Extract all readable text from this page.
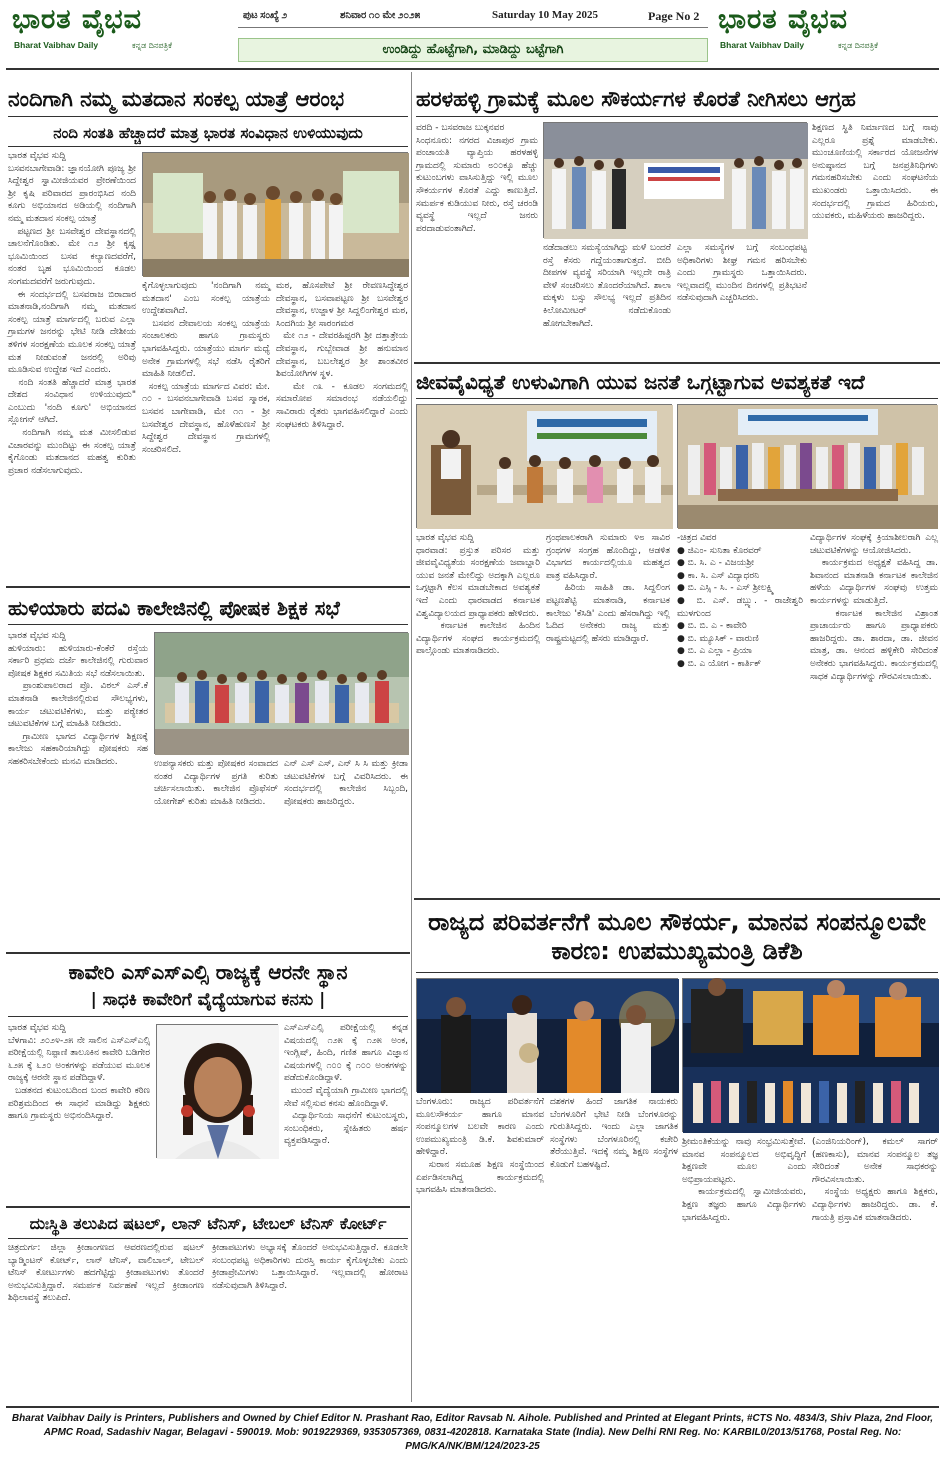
ಭಾರತ ವೈಭವ
Bharat Vaibhav Daily	ಕನ್ನಡ ದಿನಪತ್ರಿಕೆ
ಭಾರತ ವೈಭವ
Bharat Vaibhav Daily	ಕನ್ನಡ ದಿನಪತ್ರಿಕೆ
ಪುಟ ಸಂಖ್ಯೆ ೨	ಶನಿವಾರ ೧೦ ಮೇ ೨೦೨೫	Saturday 10 May 2025	Page No 2
ಉಂಡಿದ್ದು ಹೊಟ್ಟೆಗಾಗಿ, ಮಾಡಿದ್ದು ಬಟ್ಟೆಗಾಗಿ
ನಂದಿಗಾಗಿ ನಮ್ಮ ಮತದಾನ ಸಂಕಲ್ಪ ಯಾತ್ರೆ ಆರಂಭ
ನಂದಿ ಸಂತತಿ ಹೆಚ್ಚಾದರೆ ಮಾತ್ರ ಭಾರತ ಸಂವಿಧಾನ ಉಳಿಯುವುದು
ಭಾರತ ವೈಭವ ಸುದ್ದಿ
ಬಸವನಬಾಗೇವಾಡಿ: ಜ್ಞಾನಯೋಗಿ ಪೂಜ್ಯ ಶ್ರೀ ಸಿದ್ದೇಶ್ವರ ಸ್ವಾಮೀಜಿಯವರ ಪ್ರೇರಣೆಯಿಂದ ಶ್ರೀ ಕೃಷಿ ಪರಿವಾರದ ಪ್ರಾರಂಭಿಸಿದ ನಂದಿ ಕೂಗು ಅಭಿಯಾನದ ಅಡಿಯಲ್ಲಿ ನಂದಿಗಾಗಿ ನಮ್ಮ ಮತದಾನ ಸಂಕಲ್ಪ ಯಾತ್ರೆ
ಪಟ್ಟಣದ ಶ್ರೀ ಬಸವೇಶ್ವರ ದೇವಸ್ಥಾನದಲ್ಲಿ ಚಾಲನೆಗೊಂಡಿತು. ಮೇ ೧೨ ಶ್ರೀ ಕೃಷ್ಣ ಭೂಮಿಯಿಂದ ಬಸವ ಕಲ್ಯಾಣದವರೆಗೆ, ನಂತರ ಬೃಹ ಭೂಮಿಯಿಂದ ಕೂಡಲ ಸಂಗಮದವರೆಗೆ ಜರುಗುವುದು.
ಈ ಸಂದರ್ಭದಲ್ಲಿ ಬಸವರಾಜ ಬಿರಾದಾರ ಮಾತನಾಡಿ,ನಂದಿಗಾಗಿ ನಮ್ಮ ಮತದಾನ ಸಂಕಲ್ಪ ಯಾತ್ರೆ ಮಾರ್ಗದಲ್ಲಿ ಬರುವ ಎಲ್ಲಾ ಗ್ರಾಮಗಳ ಜನರನ್ನು ಭೇಟಿ ನೀಡಿ ದೇಶೀಯ ತಳಿಗಳ ಸಂರಕ್ಷಣೆಯ ಮೂಲಕ ಸಂಕಲ್ಪ ಯಾತ್ರೆ ಮತ ನೀಡುವಂತೆ ಜನರಲ್ಲಿ ಅರಿವು ಮೂಡಿಸುವ ಉದ್ದೇಶ ಇದೆ ಎಂದರು.
ನಂದಿ ಸಂತತಿ ಹೆಚ್ಚಾದರೆ ಮಾತ್ರ ಭಾರತ ದೇಶದ ಸಂವಿಧಾನ ಉಳಿಯುವುದು" ಎಂಬುದು 'ನಂದಿ ಕೂಗು' ಅಭಿಯಾನದ ಸ್ಲೋಗನ್ ಆಗಿದೆ.
ನಂದಿಗಾಗಿ ನಮ್ಮ ಮತ ಮೀಸಲಿಡುವ ವಿಚಾರವನ್ನು ಮುಂದಿಟ್ಟು ಈ ಸಂಕಲ್ಪ ಯಾತ್ರೆ ಕೈಗೊಂಡು ಮತದಾನದ ಮಹತ್ವ ಕುರಿತು ಪ್ರಚಾರ ನಡೆಸಲಾಗುವುದು.
ಕೈಗೊಳ್ಳಲಾಗುವುದು 'ನಂದಿಗಾಗಿ ನಮ್ಮ ಮತದಾನ' ಎಂಬ ಸಂಕಲ್ಪ ಯಾತ್ರೆಯ ಉದ್ದೇಶವಾಗಿದೆ.
ಬಸವನ ದೇವಾಲಯ ಸಂಕಲ್ಪ ಯಾತ್ರೆಯ ಸಂಚಾಲಕರು ಹಾಗೂ ಗ್ರಾಮಸ್ಥರು ಭಾಗವಹಿಸಿದ್ದರು. ಯಾತ್ರೆಯು ಮಾರ್ಗ ಮಧ್ಯೆ ಅನೇಕ ಗ್ರಾಮಗಳಲ್ಲಿ ಸಭೆ ನಡೆಸಿ ರೈತರಿಗೆ ಮಾಹಿತಿ ನೀಡಲಿದೆ.
ಸಂಕಲ್ಪ ಯಾತ್ರೆಯ ಮಾರ್ಗದ ವಿವರ: ಮೇ. ೧೦ - ಬಸವನಬಾಗೇವಾಡಿ ಬಸವ ಸ್ಮಾರಕ, ಬಸವನ ಬಾಗೇವಾಡಿ, ಮೇ ೧೧ - ಶ್ರೀ ಬಸವೇಶ್ವರ ದೇವಸ್ಥಾನ, ಹೊಳೆಹುಣಸೆ ಶ್ರೀ ಸಿದ್ದೇಶ್ವರ ದೇವಸ್ಥಾನ ಗ್ರಾಮಗಳಲ್ಲಿ ಸಂಚರಿಸಲಿದೆ.
ಮಠ, ಹೊಸಪೇಟೆ ಶ್ರೀ ರೇವಣಸಿದ್ಧೇಶ್ವರ ದೇವಸ್ಥಾನ, ಬಸವಾಪಟ್ಟಣ ಶ್ರೀ ಬಸವೇಶ್ವರ ದೇವಸ್ಥಾನ, ಉಜ್ಜಾಳ ಶ್ರೀ ಸಿದ್ದಲಿಂಗೇಶ್ವರ ಮಠ, ಸಿಂದಗಿಯ ಶ್ರೀ ಸಾರಂಗಮಠ
ಮೇ ೧೨ - ದೇವರಹಿಪ್ಪರಗಿ ಶ್ರೀ ದತ್ತಾತ್ರೇಯ ದೇವಸ್ಥಾನ, ಗುಬ್ಬೇವಾಡ ಶ್ರೀ ಹನುಮಾನ ದೇವಸ್ಥಾನ, ಬಬಲೇಶ್ವರ ಶ್ರೀ ಶಾಂತವೀರ ಶಿವಯೋಗಿಗಳ ಸ್ಥಳ.
ಮೇ ೧೩ - ಕೂಡಲ ಸಂಗಮದಲ್ಲಿ ಸಮಾರೋಪ ಸಮಾರಂಭ ನಡೆಯಲಿದ್ದು ಸಾವಿರಾರು ರೈತರು ಭಾಗವಹಿಸಲಿದ್ದಾರೆ ಎಂದು ಸಂಘಟಕರು ತಿಳಿಸಿದ್ದಾರೆ.
ಹುಳಿಯಾರು ಪದವಿ ಕಾಲೇಜಿನಲ್ಲಿ ಪೋಷಕ ಶಿಕ್ಷಕ ಸಭೆ
ಭಾರತ ವೈಭವ ಸುದ್ದಿ
ಹುಳಿಯಾರು: ಹುಳಿಯಾರು-ಕೆಂಕೆರೆ ರಸ್ತೆಯ ಸರ್ಕಾರಿ ಪ್ರಥಮ ದರ್ಜೆ ಕಾಲೇಜಿನಲ್ಲಿ ಗುರುವಾರ ಪೋಷಕ ಶಿಕ್ಷಕರ ಸಮಿತಿಯ ಸಭೆ ನಡೆಸಲಾಯಿತು.
ಪ್ರಾಂಶುಪಾಲರಾದ ಪ್ರೊ. ವಿಠಲ್ ಎಸ್.ಕೆ ಮಾತನಾಡಿ ಕಾಲೇಜಿನಲ್ಲಿರುವ ಸೌಲಭ್ಯಗಳು, ಕಾರ್ಯ ಚಟುವಟಿಕೆಗಳು, ಮತ್ತು ಪಠ್ಯೇತರ ಚಟುವಟಿಕೆಗಳ ಬಗ್ಗೆ ಮಾಹಿತಿ ನೀಡಿದರು.
ಗ್ರಾಮೀಣ ಭಾಗದ ವಿದ್ಯಾರ್ಥಿಗಳ ಶಿಕ್ಷಣಕ್ಕೆ ಕಾಲೇಜು ಸಹಕಾರಿಯಾಗಿದ್ದು ಪೋಷಕರು ಸಹ ಸಹಕರಿಸಬೇಕೆಂದು ಮನವಿ ಮಾಡಿದರು.	ಉಪನ್ಯಾಸಕರು ಮತ್ತು ಪೋಷಕರ ಸಂವಾದದ ನಂತರ ವಿದ್ಯಾರ್ಥಿಗಳ ಪ್ರಗತಿ ಕುರಿತು ಚರ್ಚಿಸಲಾಯಿತು. ಕಾಲೇಜಿನ ಪ್ರೊಫೆಸರ್ ಯೋಗೇಶ್ ಕುರಿತು ಮಾಹಿತಿ ನೀಡಿದರು.
ಎನ್ ಎಸ್ ಎಸ್, ಎನ್ ಸಿ ಸಿ ಮತ್ತು ಕ್ರೀಡಾ ಚಟುವಟಿಕೆಗಳ ಬಗ್ಗೆ ವಿವರಿಸಿದರು. ಈ ಸಂದರ್ಭದಲ್ಲಿ ಕಾಲೇಜಿನ ಸಿಬ್ಬಂದಿ, ಪೋಷಕರು ಹಾಜರಿದ್ದರು.
ಕಾವೇರಿ ಎಸ್ಎಸ್ಎಲ್ಸಿ ರಾಜ್ಯಕ್ಕೆ ಆರನೇ ಸ್ಥಾನ
| ಸಾಧಕಿ ಕಾವೇರಿಗೆ ವೈದ್ಯೆಯಾಗುವ ಕನಸು |
ಭಾರತ ವೈಭವ ಸುದ್ದಿ
ಬೆಳಗಾವಿ: ೨೦೨೪-೨೫ ನೇ ಸಾಲಿನ ಎಸ್ಎಸ್ಎಲ್ಸಿ ಪರೀಕ್ಷೆಯಲ್ಲಿ ನಿಪ್ಪಾಣಿ ತಾಲೂಕಿನ ಕಾವೇರಿ ಬಡಿಗೇರ ೬೨೫ ಕ್ಕೆ ೬೨೦ ಅಂಕಗಳನ್ನು ಪಡೆಯುವ ಮೂಲಕ ರಾಜ್ಯಕ್ಕೆ ಆರನೇ ಸ್ಥಾನ ಪಡೆದಿದ್ದಾಳೆ.
ಬಡತನದ ಕುಟುಂಬದಿಂದ ಬಂದ ಕಾವೇರಿ ಕಠಿಣ ಪರಿಶ್ರಮದಿಂದ ಈ ಸಾಧನೆ ಮಾಡಿದ್ದು ಶಿಕ್ಷಕರು ಹಾಗೂ ಗ್ರಾಮಸ್ಥರು ಅಭಿನಂದಿಸಿದ್ದಾರೆ.
ಎಸ್ಎಸ್ಎಲ್ಸಿ ಪರೀಕ್ಷೆಯಲ್ಲಿ ಕನ್ನಡ ವಿಷಯದಲ್ಲಿ ೧೨೫ ಕ್ಕೆ ೧೨೫ ಅಂಕ, ಇಂಗ್ಲಿಷ್, ಹಿಂದಿ, ಗಣಿತ ಹಾಗೂ ವಿಜ್ಞಾನ ವಿಷಯಗಳಲ್ಲಿ ೧೦೦ ಕ್ಕೆ ೧೦೦ ಅಂಕಗಳನ್ನು ಪಡೆದುಕೊಂಡಿದ್ದಾಳೆ.
ಮುಂದೆ ವೈದ್ಯೆಯಾಗಿ ಗ್ರಾಮೀಣ ಭಾಗದಲ್ಲಿ ಸೇವೆ ಸಲ್ಲಿಸುವ ಕನಸು ಹೊಂದಿದ್ದಾಳೆ.
ವಿದ್ಯಾರ್ಥಿನಿಯ ಸಾಧನೆಗೆ ಕುಟುಂಬಸ್ಥರು, ಸಂಬಂಧಿಕರು, ಸ್ನೇಹಿತರು ಹರ್ಷ ವ್ಯಕ್ತಪಡಿಸಿದ್ದಾರೆ.
ದುಃಸ್ಥಿತಿ ತಲುಪಿದ ಷಟಲ್, ಲಾನ್ ಟೆನಿಸ್, ಟೇಬಲ್ ಟೆನಿಸ್ ಕೋರ್ಟ್
ಚಿತ್ರದುರ್ಗ: ಜಿಲ್ಲಾ ಕ್ರೀಡಾಂಗಣದ ಆವರಣದಲ್ಲಿರುವ ಷಟಲ್ ಬ್ಯಾಡ್ಮಿಂಟನ್ ಕೋರ್ಟ್, ಲಾನ್ ಟೆನಿಸ್, ವಾಲಿಬಾಲ್, ಟೇಬಲ್ ಟೆನಿಸ್ ಕೋರ್ಟುಗಳು ಹದಗೆಟ್ಟಿದ್ದು ಕ್ರೀಡಾಪಟುಗಳು ತೊಂದರೆ ಅನುಭವಿಸುತ್ತಿದ್ದಾರೆ. ಸಮರ್ಪಕ ನಿರ್ವಹಣೆ ಇಲ್ಲದೆ ಕ್ರೀಡಾಂಗಣ ಶಿಥಿಲಾವಸ್ಥೆ ತಲುಪಿದೆ.
ಕ್ರೀಡಾಪಟುಗಳು ಅಭ್ಯಾಸಕ್ಕೆ ತೊಂದರೆ ಅನುಭವಿಸುತ್ತಿದ್ದಾರೆ. ಕೂಡಲೇ ಸಂಬಂಧಪಟ್ಟ ಅಧಿಕಾರಿಗಳು ದುರಸ್ತಿ ಕಾರ್ಯ ಕೈಗೊಳ್ಳಬೇಕು ಎಂದು ಕ್ರೀಡಾಪ್ರೇಮಿಗಳು ಒತ್ತಾಯಿಸಿದ್ದಾರೆ. ಇಲ್ಲವಾದಲ್ಲಿ ಹೋರಾಟ ನಡೆಸುವುದಾಗಿ ತಿಳಿಸಿದ್ದಾರೆ.
ಹರಳಹಳ್ಳಿ ಗ್ರಾಮಕ್ಕೆ ಮೂಲ ಸೌಕರ್ಯಗಳ ಕೊರತೆ ನೀಗಿಸಲು ಆಗ್ರಹ
ವರದಿ - ಬಸವರಾಜ ಬುಕ್ಕನವರ
ಸಿಂಧನೂರು: ನಗರದ ವಿಜಾಪುರ ಗ್ರಾಮ ಪಂಚಾಯತಿ ವ್ಯಾಪ್ತಿಯ ಹರಳಹಳ್ಳಿ ಗ್ರಾಮದಲ್ಲಿ ಸುಮಾರು ೮೦೦ಕ್ಕೂ ಹೆಚ್ಚು ಕುಟುಂಬಗಳು ವಾಸಿಸುತ್ತಿದ್ದು ಇಲ್ಲಿ ಮೂಲ ಸೌಕರ್ಯಗಳ ಕೊರತೆ ಎದ್ದು ಕಾಣುತ್ತಿದೆ. ಸಮರ್ಪಕ ಕುಡಿಯುವ ನೀರು, ರಸ್ತೆ ಚರಂಡಿ ವ್ಯವಸ್ಥೆ ಇಲ್ಲದೆ ಜನರು ಪರದಾಡುವಂತಾಗಿದೆ.
ನಡೆದಾಡಲು ಸಮಸ್ಯೆಯಾಗಿದ್ದು ಮಳೆ ಬಂದರೆ ರಸ್ತೆ ಕೆಸರು ಗದ್ದೆಯಂತಾಗುತ್ತದೆ. ಬೀದಿ ದೀಪಗಳ ವ್ಯವಸ್ಥೆ ಸರಿಯಾಗಿ ಇಲ್ಲದೇ ರಾತ್ರಿ ವೇಳೆ ಸಂಚರಿಸಲು ತೊಂದರೆಯಾಗಿದೆ. ಶಾಲಾ ಮಕ್ಕಳು ಬಸ್ಸು ಸೌಲಭ್ಯ ಇಲ್ಲದೆ ಪ್ರತಿದಿನ ಕಿಲೋಮೀಟರ್ ನಡೆದುಕೊಂಡು ಹೋಗಬೇಕಾಗಿದೆ.
ಎಲ್ಲಾ ಸಮಸ್ಯೆಗಳ ಬಗ್ಗೆ ಸಂಬಂಧಪಟ್ಟ ಅಧಿಕಾರಿಗಳು ಶೀಘ್ರ ಗಮನ ಹರಿಸಬೇಕು ಎಂದು ಗ್ರಾಮಸ್ಥರು ಒತ್ತಾಯಿಸಿದರು. ಇಲ್ಲವಾದಲ್ಲಿ ಮುಂದಿನ ದಿನಗಳಲ್ಲಿ ಪ್ರತಿಭಟನೆ ನಡೆಸುವುದಾಗಿ ಎಚ್ಚರಿಸಿದರು.
ಶಿಕ್ಷಣದ ಸ್ಥಿತಿ ನಿರ್ಮಾಣದ ಬಗ್ಗೆ ನಾವು ಎಲ್ಲರೂ ಪ್ರಶ್ನೆ ಮಾಡಬೇಕು. ಮುಂಚೂಣಿಯಲ್ಲಿ ಸರ್ಕಾರದ ಯೋಜನೆಗಳ ಅನುಷ್ಠಾನದ ಬಗ್ಗೆ ಜನಪ್ರತಿನಿಧಿಗಳು ಗಮನಹರಿಸಬೇಕು ಎಂದು ಸಂಘಟನೆಯ ಮುಖಂಡರು ಒತ್ತಾಯಿಸಿದರು. ಈ ಸಂದರ್ಭದಲ್ಲಿ ಗ್ರಾಮದ ಹಿರಿಯರು, ಯುವಕರು, ಮಹಿಳೆಯರು ಹಾಜರಿದ್ದರು.
ಜೀವವೈವಿಧ್ಯತೆ ಉಳುವಿಗಾಗಿ ಯುವ ಜನತೆ ಒಗ್ಗಟ್ಟಾಗುವ ಅವಶ್ಯಕತೆ ಇದೆ
ಭಾರತ ವೈಭವ ಸುದ್ದಿ
ಧಾರವಾಡ: ಪ್ರಸ್ತುತ ಪರಿಸರ ಮತ್ತು ಜೀವವೈವಿಧ್ಯತೆಯ ಸಂರಕ್ಷಣೆಯ ಜವಾಬ್ದಾರಿ ಯುವ ಜನತೆ ಮೇಲಿದ್ದು ಅದಕ್ಕಾಗಿ ಎಲ್ಲರೂ ಒಗ್ಗಟ್ಟಾಗಿ ಕೆಲಸ ಮಾಡಬೇಕಾದ ಅವಶ್ಯಕತೆ ಇದೆ ಎಂದು ಧಾರವಾಡದ ಕರ್ನಾಟಕ ವಿಶ್ವವಿದ್ಯಾಲಯದ ಪ್ರಾಧ್ಯಾಪಕರು ಹೇಳಿದರು.
ಕರ್ನಾಟಕ ಕಾಲೇಜಿನ ಹಿಂದಿನ ವಿದ್ಯಾರ್ಥಿಗಳ ಸಂಘದ ಕಾರ್ಯಕ್ರಮದಲ್ಲಿ ಪಾಲ್ಗೊಂಡು ಮಾತನಾಡಿದರು.
ಗ್ರಂಥಪಾಲಕರಾಗಿ ಸುಮಾರು ೪೮ ಸಾವಿರ ಗ್ರಂಥಗಳ ಸಂಗ್ರಹ ಹೊಂದಿದ್ದು, ಆಡಳಿತ ವಿಭಾಗದ ಕಾರ್ಯದಲ್ಲಿಯೂ ಮಹತ್ವದ ಪಾತ್ರ ವಹಿಸಿದ್ದಾರೆ.
ಹಿರಿಯ ಸಾಹಿತಿ ಡಾ. ಸಿದ್ದಲಿಂಗ ಪಟ್ಟಣಶೆಟ್ಟಿ ಮಾತನಾಡಿ, ಕರ್ನಾಟಕ ಕಾಲೇಜು 'ಕೆಸಿಡಿ' ಎಂದು ಹೆಸರಾಗಿದ್ದು ಇಲ್ಲಿ ಓದಿದ ಅನೇಕರು ರಾಜ್ಯ ಮತ್ತು ರಾಷ್ಟ್ರಮಟ್ಟದಲ್ಲಿ ಹೆಸರು ಮಾಡಿದ್ದಾರೆ.
-ಚಿತ್ರದ ವಿವರ
● ಜಿಎಂ- ಸುನಿತಾ ಕೊರವರ್
● ಬಿ. ಸಿ. ಎ - ವಿಜಯಶ್ರೀ
● ಕಾ. ಸಿ. ಎಸ್ ವಿದ್ಯಾಧರನಿ
● ಬಿ. ಎಸ್ಸಿ - ಸಿ. - ಎಸ್ ಶ್ರೀಲಕ್ಷ್ಮಿ
● ಬಿ. ಎಸ್. ಡಬ್ಲ್ಯು. - ರಾಜೇಶ್ವರಿ ಮುಳಗುಂದ
● ಬಿ. ಬಿ. ಎ - ಕಾವೇರಿ
● ಬಿ. ಮ್ಯೂಸಿಕ್ - ವಾರುಣಿ
● ಬಿ. ಎ ಎಲ್ಲಾ - ಪ್ರಿಯಾ
● ಬಿ. ಎ ಯೋಗ - ಕಾರ್ತಿಕ್
ವಿದ್ಯಾರ್ಥಿಗಳ ಸಂಘಕ್ಕೆ ಕ್ರಿಯಾಶೀಲರಾಗಿ ಎಲ್ಲ ಚಟುವಟಿಕೆಗಳನ್ನು ಆಯೋಜಿಸಿದರು.
ಕಾರ್ಯಕ್ರಮದ ಅಧ್ಯಕ್ಷತೆ ವಹಿಸಿದ್ದ ಡಾ. ಶಿವಾನಂದ ಮಾತನಾಡಿ ಕರ್ನಾಟಕ ಕಾಲೇಜಿನ ಹಳೆಯ ವಿದ್ಯಾರ್ಥಿಗಳ ಸಂಘವು ಉತ್ತಮ ಕಾರ್ಯಗಳನ್ನು ಮಾಡುತ್ತಿದೆ.
ಕರ್ನಾಟಕ ಕಾಲೇಜಿನ ವಿಶ್ರಾಂತ ಪ್ರಾಚಾರ್ಯರು ಹಾಗೂ ಪ್ರಾಧ್ಯಾಪಕರು ಹಾಜರಿದ್ದರು. ಡಾ. ಶಾರದಾ, ಡಾ. ಜೀವನ ಮಾತ್ರ, ಡಾ. ಆನಂದ ಹಳ್ಳಿಕೇರಿ ಸೇರಿದಂತೆ ಅನೇಕರು ಭಾಗವಹಿಸಿದ್ದರು. ಕಾರ್ಯಕ್ರಮದಲ್ಲಿ ಸಾಧಕ ವಿದ್ಯಾರ್ಥಿಗಳನ್ನು ಗೌರವಿಸಲಾಯಿತು.
ರಾಜ್ಯದ ಪರಿವರ್ತನೆಗೆ ಮೂಲ ಸೌಕರ್ಯ, ಮಾನವ ಸಂಪನ್ಮೂಲವೇ ಕಾರಣ: ಉಪಮುಖ್ಯಮಂತ್ರಿ ಡಿಕೆಶಿ
ಬೆಂಗಳೂರು: ರಾಜ್ಯದ ಪರಿವರ್ತನೆಗೆ ಮೂಲಸೌಕರ್ಯ ಹಾಗೂ ಮಾನವ ಸಂಪನ್ಮೂಲಗಳ ಬಲವೇ ಕಾರಣ ಎಂದು ಉಪಮುಖ್ಯಮಂತ್ರಿ ಡಿ.ಕೆ. ಶಿವಕುಮಾರ್ ಹೇಳಿದ್ದಾರೆ.
ಸುರಾನ ಸಮೂಹ ಶಿಕ್ಷಣ ಸಂಸ್ಥೆಯಿಂದ ಏರ್ಪಡಿಸಲಾಗಿದ್ದ ಕಾರ್ಯಕ್ರಮದಲ್ಲಿ ಭಾಗವಹಿಸಿ ಮಾತನಾಡಿದರು.
ದಶಕಗಳ ಹಿಂದೆ ಜಾಗತಿಕ ನಾಯಕರು ಬೆಂಗಳೂರಿಗೆ ಭೇಟಿ ನೀಡಿ ಬೆಂಗಳೂರನ್ನು ಗುರುತಿಸಿದ್ದರು. ಇಂದು ಎಲ್ಲಾ ಜಾಗತಿಕ ಸಂಸ್ಥೆಗಳು ಬೆಂಗಳೂರಿನಲ್ಲಿ ಕಚೇರಿ ತೆರೆಯುತ್ತಿವೆ. ಇದಕ್ಕೆ ನಮ್ಮ ಶಿಕ್ಷಣ ಸಂಸ್ಥೆಗಳ ಕೊಡುಗೆ ಬಹಳಷ್ಟಿದೆ.
ಶ್ರೀಮಂತಿಕೆಯನ್ನು ನಾವು ಸಂಭ್ರಮಿಸುತ್ತೇವೆ. ಮಾನವ ಸಂಪನ್ಮೂಲದ ಅಭಿವೃದ್ಧಿಗೆ ಶಿಕ್ಷಣವೇ ಮೂಲ ಎಂದು ಅಭಿಪ್ರಾಯಪಟ್ಟರು.
ಕಾರ್ಯಕ್ರಮದಲ್ಲಿ ಸ್ವಾಮೀಜಿಯವರು, ಶಿಕ್ಷಣ ತಜ್ಞರು ಹಾಗೂ ವಿದ್ಯಾರ್ಥಿಗಳು ಭಾಗವಹಿಸಿದ್ದರು.
(ಎಂಜಿನಿಯರಿಂಗ್), ಕಮಲ್ ಸಾಗರ್ (ಹಣಕಾಸು), ಮಾನವ ಸಂಪನ್ಮೂಲ ತಜ್ಞ ಸೇರಿದಂತೆ ಅನೇಕ ಸಾಧಕರನ್ನು ಗೌರವಿಸಲಾಯಿತು.
ಸಂಸ್ಥೆಯ ಅಧ್ಯಕ್ಷರು ಹಾಗೂ ಶಿಕ್ಷಕರು, ವಿದ್ಯಾರ್ಥಿಗಳು ಹಾಜರಿದ್ದರು. ಡಾ. ಕೆ. ಗಾಯತ್ರಿ ಪ್ರಸ್ತಾವಿಕ ಮಾತನಾಡಿದರು.
Bharat Vaibhav Daily is Printers, Publishers and Owned by Chief Editor N. Prashant Rao, Editor Ravsab N. Aihole. Published and Printed at Elegant Prints, #CTS No. 4834/3, Shiv Plaza, 2nd Floor, APMC Road, Sadashiv Nagar, Belagavi - 590019. Mob: 9019229369, 9353057369, 0831-4202818. Karnataka State (India). New Delhi RNI Reg. No: KARBIL0/2013/51768, Postal Reg. No: PMG/KA/NK/BM/124/2023-25
